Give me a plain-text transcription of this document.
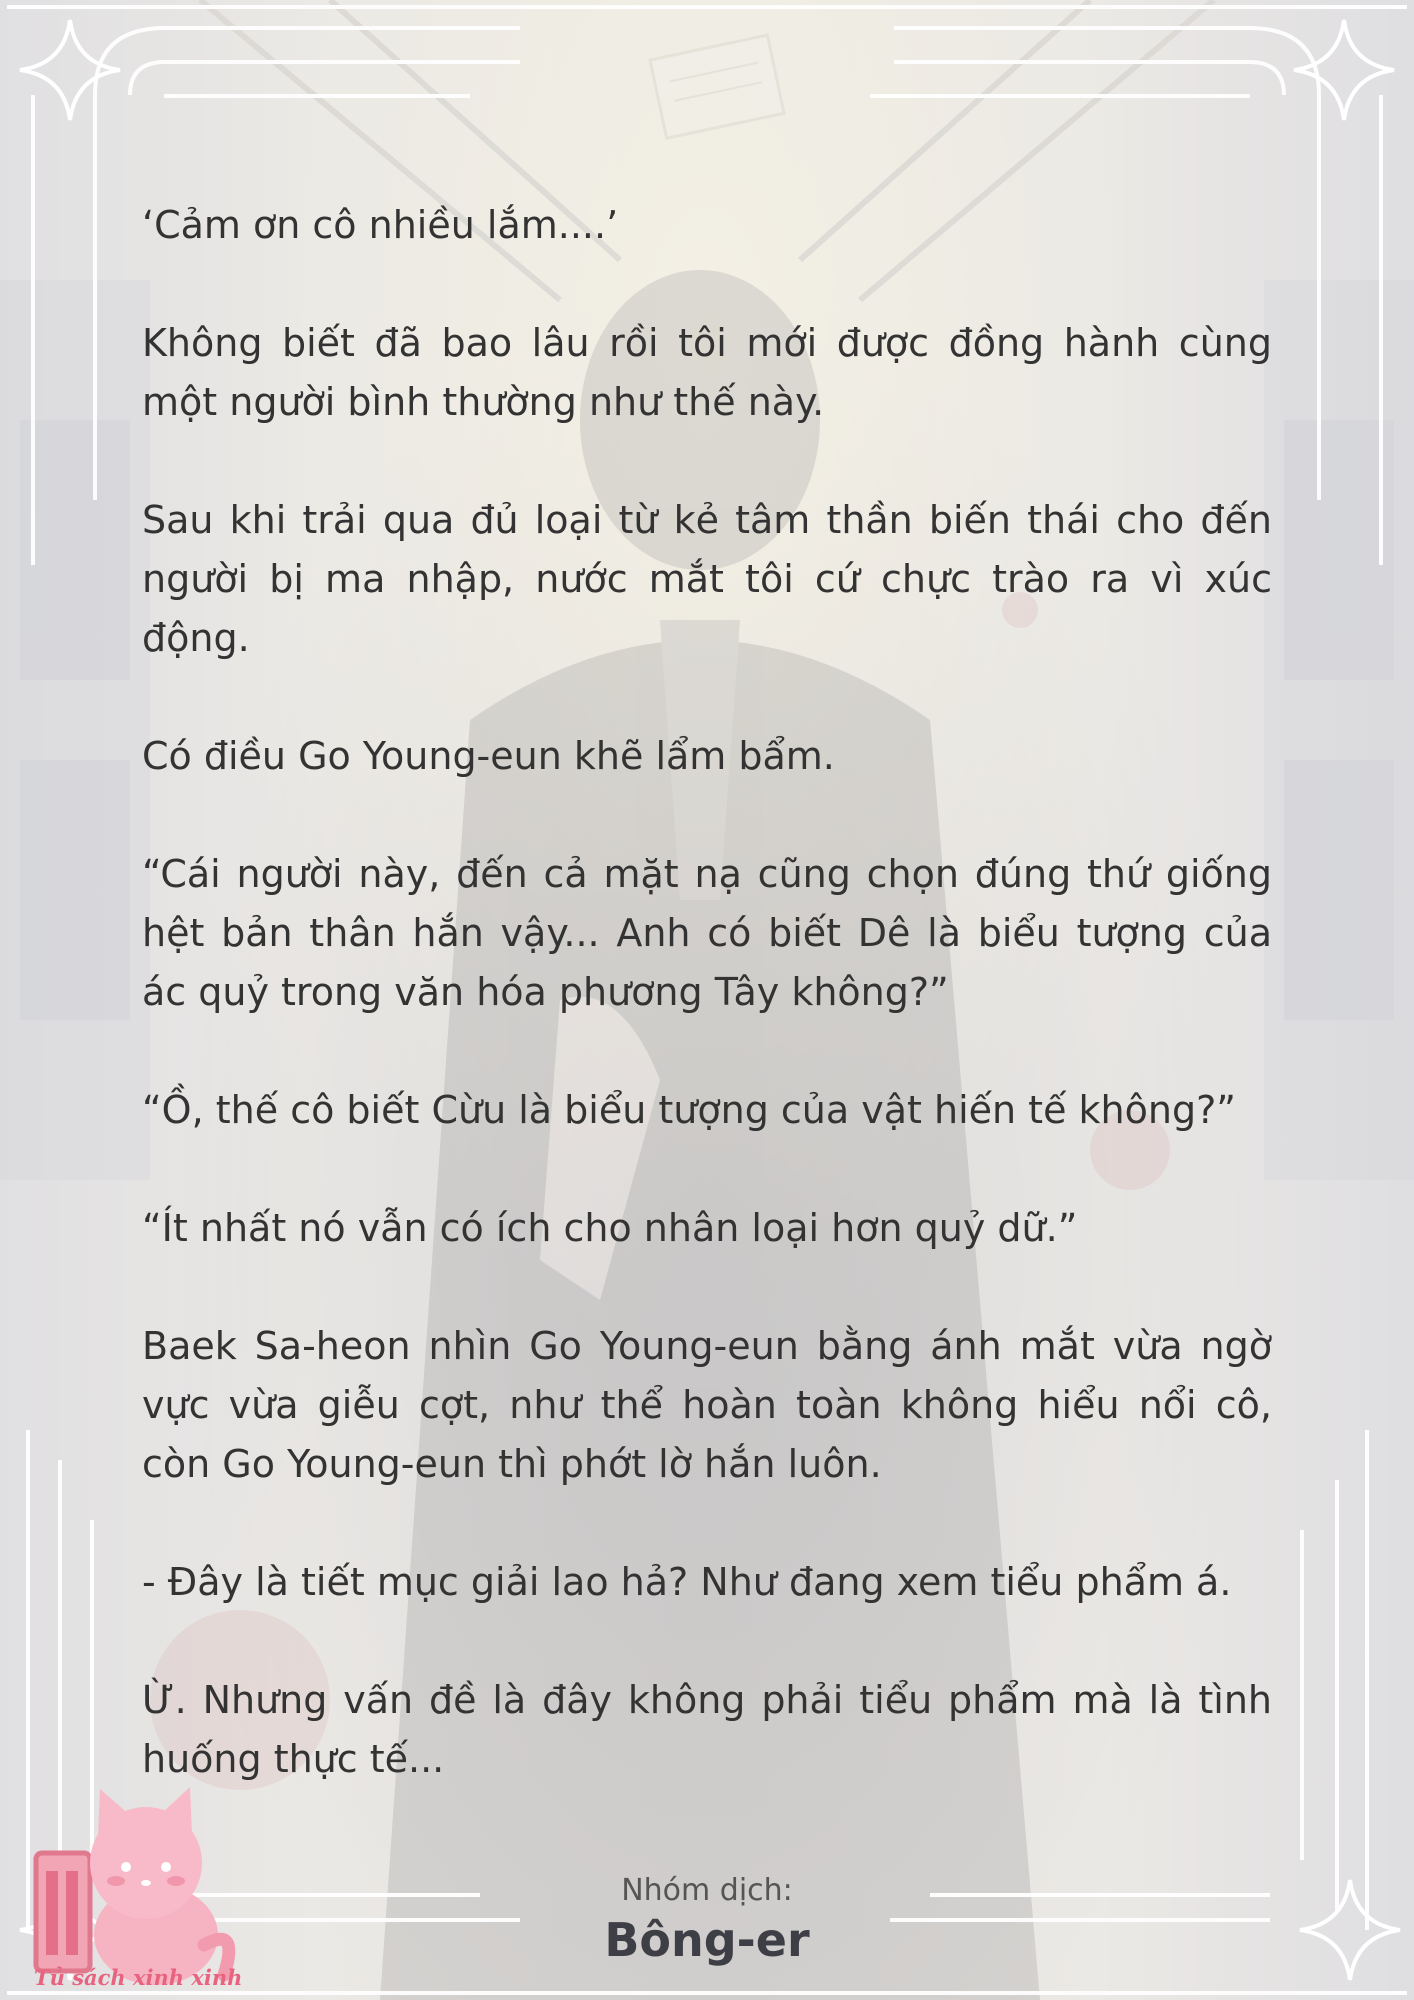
‘Cảm ơn cô nhiều lắm....’

Không biết đã bao lâu rồi tôi mới được đồng hành cùng một người bình thường như thế này.

Sau khi trải qua đủ loại từ kẻ tâm thần biến thái cho đến người bị ma nhập, nước mắt tôi cứ chực trào ra vì xúc động.

Có điều Go Young-eun khẽ lẩm bẩm.

“Cái người này, đến cả mặt nạ cũng chọn đúng thứ giống hệt bản thân hắn vậy... Anh có biết Dê là biểu tượng của ác quỷ trong văn hóa phương Tây không?”

“Ồ, thế cô biết Cừu là biểu tượng của vật hiến tế không?”

“Ít nhất nó vẫn có ích cho nhân loại hơn quỷ dữ.”

Baek Sa-heon nhìn Go Young-eun bằng ánh mắt vừa ngờ vực vừa giễu cợt, như thể hoàn toàn không hiểu nổi cô, còn Go Young-eun thì phớt lờ hắn luôn.

- Đây là tiết mục giải lao hả? Như đang xem tiểu phẩm á.

Ừ. Nhưng vấn đề là đây không phải tiểu phẩm mà là tình huống thực tế...

Nhóm dịch:
Bông-er
Tủ sách xinh xinh
